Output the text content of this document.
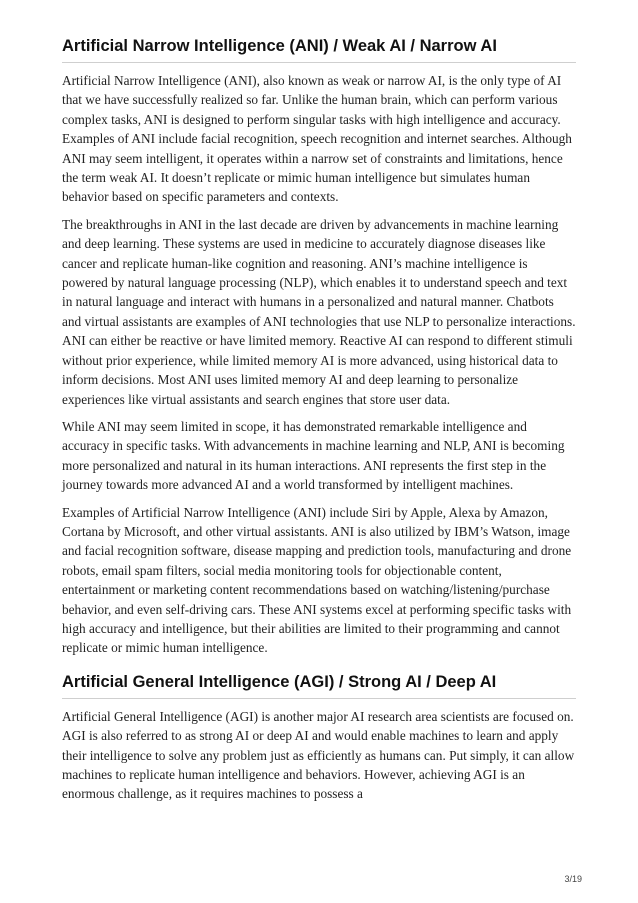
Artificial Narrow Intelligence (ANI) / Weak AI / Narrow AI

Artificial Narrow Intelligence (ANI), also known as weak or narrow AI, is the only type of AI that we have successfully realized so far. Unlike the human brain, which can perform various complex tasks, ANI is designed to perform singular tasks with high intelligence and accuracy. Examples of ANI include facial recognition, speech recognition and internet searches. Although ANI may seem intelligent, it operates within a narrow set of constraints and limitations, hence the term weak AI. It doesn’t replicate or mimic human intelligence but simulates human behavior based on specific parameters and contexts.

The breakthroughs in ANI in the last decade are driven by advancements in machine learning and deep learning. These systems are used in medicine to accurately diagnose diseases like cancer and replicate human-like cognition and reasoning. ANI’s machine intelligence is powered by natural language processing (NLP), which enables it to understand speech and text in natural language and interact with humans in a personalized and natural manner. Chatbots and virtual assistants are examples of ANI technologies that use NLP to personalize interactions. ANI can either be reactive or have limited memory. Reactive AI can respond to different stimuli without prior experience, while limited memory AI is more advanced, using historical data to inform decisions. Most ANI uses limited memory AI and deep learning to personalize experiences like virtual assistants and search engines that store user data.

While ANI may seem limited in scope, it has demonstrated remarkable intelligence and accuracy in specific tasks. With advancements in machine learning and NLP, ANI is becoming more personalized and natural in its human interactions. ANI represents the first step in the journey towards more advanced AI and a world transformed by intelligent machines.

Examples of Artificial Narrow Intelligence (ANI) include Siri by Apple, Alexa by Amazon, Cortana by Microsoft, and other virtual assistants. ANI is also utilized by IBM’s Watson, image and facial recognition software, disease mapping and prediction tools, manufacturing and drone robots, email spam filters, social media monitoring tools for objectionable content, entertainment or marketing content recommendations based on watching/listening/purchase behavior, and even self-driving cars. These ANI systems excel at performing specific tasks with high accuracy and intelligence, but their abilities are limited to their programming and cannot replicate or mimic human intelligence.

Artificial General Intelligence (AGI) / Strong AI / Deep AI

Artificial General Intelligence (AGI) is another major AI research area scientists are focused on. AGI is also referred to as strong AI or deep AI and would enable machines to learn and apply their intelligence to solve any problem just as efficiently as humans can. Put simply, it can allow machines to replicate human intelligence and behaviors. However, achieving AGI is an enormous challenge, as it requires machines to possess a

3/19
